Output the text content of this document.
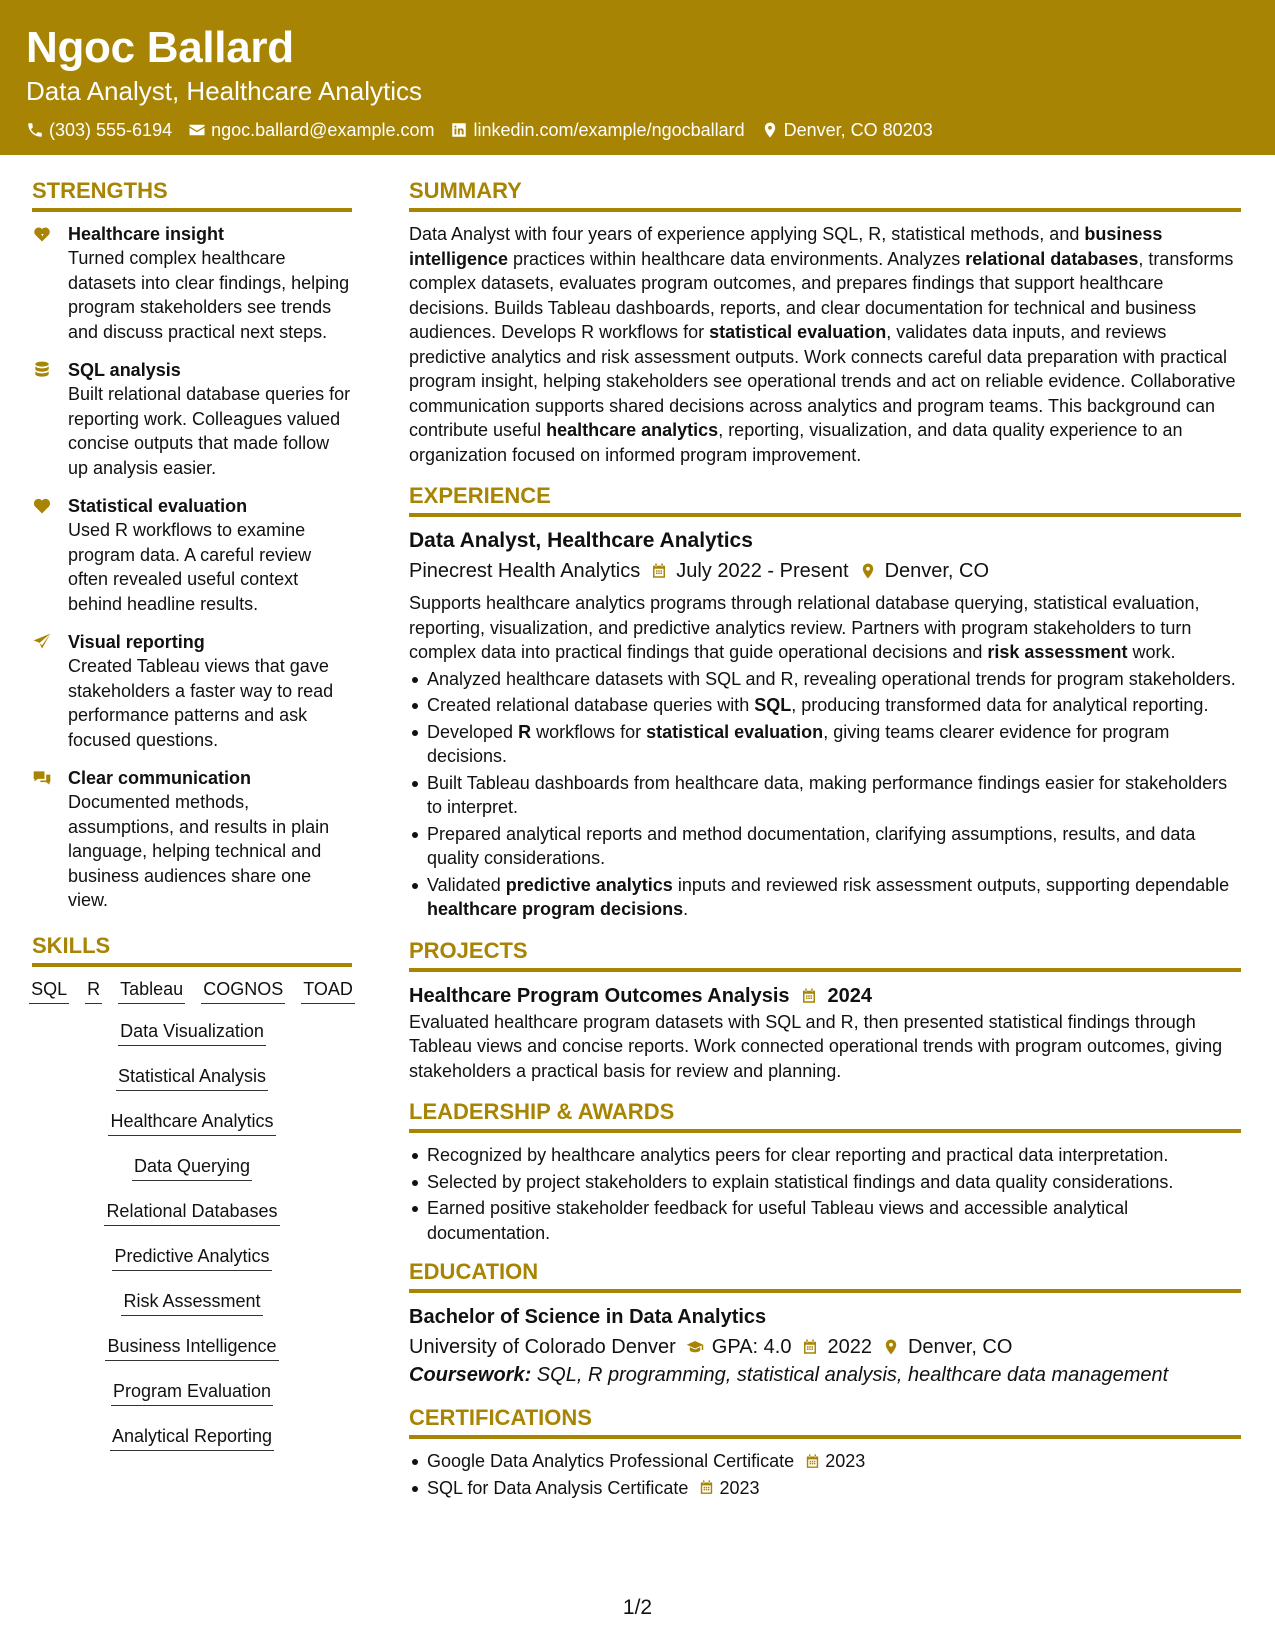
Ngoc Ballard
Data Analyst, Healthcare Analytics
(303) 555-6194 ngoc.ballard@example.com linkedin.com/example/ngocballard Denver, CO 80203
STRENGTHS
Healthcare insight
Turned complex healthcare datasets into clear findings, helping program stakeholders see trends and discuss practical next steps.
SQL analysis
Built relational database queries for reporting work. Colleagues valued concise outputs that made follow up analysis easier.
Statistical evaluation
Used R workflows to examine program data. A careful review often revealed useful context behind headline results.
Visual reporting
Created Tableau views that gave stakeholders a faster way to read performance patterns and ask focused questions.
Clear communication
Documented methods, assumptions, and results in plain language, helping technical and business audiences share one view.
SKILLS
SQL R Tableau COGNOS TOAD
Data Visualization
Statistical Analysis
Healthcare Analytics
Data Querying
Relational Databases
Predictive Analytics
Risk Assessment
Business Intelligence
Program Evaluation
Analytical Reporting
SUMMARY
Data Analyst with four years of experience applying SQL, R, statistical methods, and business intelligence practices within healthcare data environments. Analyzes relational databases, transforms complex datasets, evaluates program outcomes, and prepares findings that support healthcare decisions. Builds Tableau dashboards, reports, and clear documentation for technical and business audiences. Develops R workflows for statistical evaluation, validates data inputs, and reviews predictive analytics and risk assessment outputs. Work connects careful data preparation with practical program insight, helping stakeholders see operational trends and act on reliable evidence. Collaborative communication supports shared decisions across analytics and program teams. This background can contribute useful healthcare analytics, reporting, visualization, and data quality experience to an organization focused on informed program improvement.
EXPERIENCE
Data Analyst, Healthcare Analytics
Pinecrest Health Analytics July 2022 - Present Denver, CO
Supports healthcare analytics programs through relational database querying, statistical evaluation, reporting, visualization, and predictive analytics review. Partners with program stakeholders to turn complex data into practical findings that guide operational decisions and risk assessment work.
Analyzed healthcare datasets with SQL and R, revealing operational trends for program stakeholders.
Created relational database queries with SQL, producing transformed data for analytical reporting.
Developed R workflows for statistical evaluation, giving teams clearer evidence for program decisions.
Built Tableau dashboards from healthcare data, making performance findings easier for stakeholders to interpret.
Prepared analytical reports and method documentation, clarifying assumptions, results, and data quality considerations.
Validated predictive analytics inputs and reviewed risk assessment outputs, supporting dependable healthcare program decisions.
PROJECTS
Healthcare Program Outcomes Analysis 2024
Evaluated healthcare program datasets with SQL and R, then presented statistical findings through Tableau views and concise reports. Work connected operational trends with program outcomes, giving stakeholders a practical basis for review and planning.
LEADERSHIP & AWARDS
Recognized by healthcare analytics peers for clear reporting and practical data interpretation.
Selected by project stakeholders to explain statistical findings and data quality considerations.
Earned positive stakeholder feedback for useful Tableau views and accessible analytical documentation.
EDUCATION
Bachelor of Science in Data Analytics
University of Colorado Denver GPA: 4.0 2022 Denver, CO
Coursework: SQL, R programming, statistical analysis, healthcare data management
CERTIFICATIONS
Google Data Analytics Professional Certificate 2023
SQL for Data Analysis Certificate 2023
1/2
